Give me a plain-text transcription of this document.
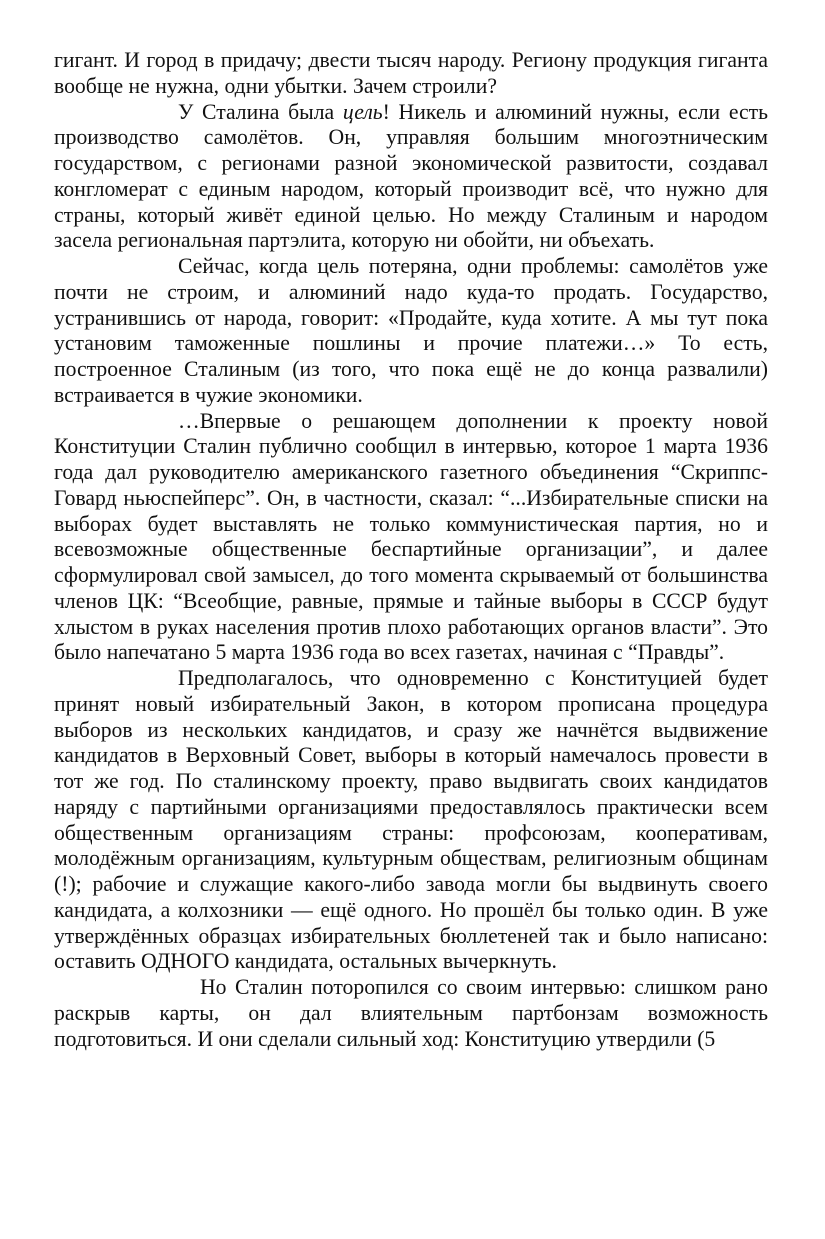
гигант. И город в придачу; двести тысяч народу. Региону продукция гиганта вообще не нужна, одни убытки. Зачем строили?

У Сталина была цель! Никель и алюминий нужны, если есть производство самолётов. Он, управляя большим многоэтническим государством, с регионами разной экономической развитости, создавал конгломерат с единым народом, который производит всё, что нужно для страны, который живёт единой целью. Но между Сталиным и народом засела региональная партэлита, которую ни обойти, ни объехать.

Сейчас, когда цель потеряна, одни проблемы: самолётов уже почти не строим, и алюминий надо куда-то продать. Государство, устранившись от народа, говорит: «Продайте, куда хотите. А мы тут пока установим таможенные пошлины и прочие платежи…» То есть, построенное Сталиным (из того, что пока ещё не до конца развалили) встраивается в чужие экономики.

…Впервые о решающем дополнении к проекту новой Конституции Сталин публично сообщил в интервью, которое 1 марта 1936 года дал руководителю американского газетного объединения “Скриппс-Говард ньюспейперс”. Он, в частности, сказал: “...Избирательные списки на выборах будет выставлять не только коммунистическая партия, но и всевозможные общественные беспартийные организации”, и далее сформулировал свой замысел, до того момента скрываемый от большинства членов ЦК: “Всеобщие, равные, прямые и тайные выборы в СССР будут хлыстом в руках населения против плохо работающих органов власти”. Это было напечатано 5 марта 1936 года во всех газетах, начиная с “Правды”.

Предполагалось, что одновременно с Конституцией будет принят новый избирательный Закон, в котором прописана процедура выборов из нескольких кандидатов, и сразу же начнётся выдвижение кандидатов в Верховный Совет, выборы в который намечалось провести в тот же год. По сталинскому проекту, право выдвигать своих кандидатов наряду с партийными организациями предоставлялось практически всем общественным организациям страны: профсоюзам, кооперативам, молодёжным организациям, культурным обществам, религиозным общинам (!); рабочие и служащие какого-либо завода могли бы выдвинуть своего кандидата, а колхозники — ещё одного. Но прошёл бы только один. В уже утверждённых образцах избирательных бюллетеней так и было написано: оставить ОДНОГО кандидата, остальных вычеркнуть.

Но Сталин поторопился со своим интервью: слишком рано раскрыв карты, он дал влиятельным партбонзам возможность подготовиться. И они сделали сильный ход: Конституцию утвердили (5
